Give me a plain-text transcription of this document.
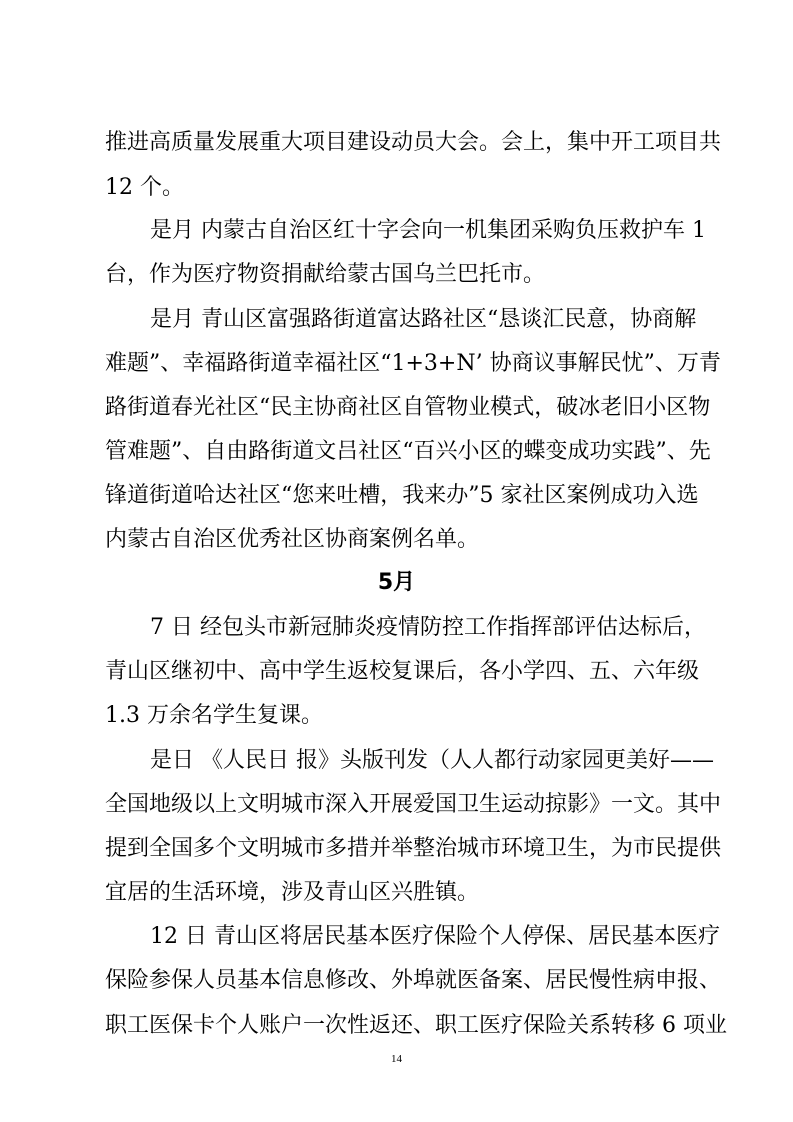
推进高质量发展重大项目建设动员大会。会上，集中开工项目共
12 个。
是月 内蒙古自治区红十字会向一机集团采购负压救护车 1
台，作为医疗物资捐献给蒙古国乌兰巴托市。
是月 青山区富强路街道富达路社区“恳谈汇民意，协商解
难题”、幸福路街道幸福社区“1+3+N’ 协商议事解民忧”、万青
路街道春光社区“民主协商社区自管物业模式，破冰老旧小区物
管难题”、自由路街道文吕社区“百兴小区的蝶变成功实践”、先
锋道街道哈达社区“您来吐槽，我来办”5 家社区案例成功入选
内蒙古自治区优秀社区协商案例名单。
5月
7 日 经包头市新冠肺炎疫情防控工作指挥部评估达标后，
青山区继初中、高中学生返校复课后，各小学四、五、六年级
1.3 万余名学生复课。
是日 《人民日 报》头版刊发（人人都行动家园更美好——
全国地级以上文明城市深入开展爱国卫生运动掠影》一文。其中
提到全国多个文明城市多措并举整治城市环境卫生，为市民提供
宜居的生活环境，涉及青山区兴胜镇。
12 日 青山区将居民基本医疗保险个人停保、居民基本医疗
保险参保人员基本信息修改、外埠就医备案、居民慢性病申报、
职工医保卡个人账户一次性返还、职工医疗保险关系转移 6 项业
14
